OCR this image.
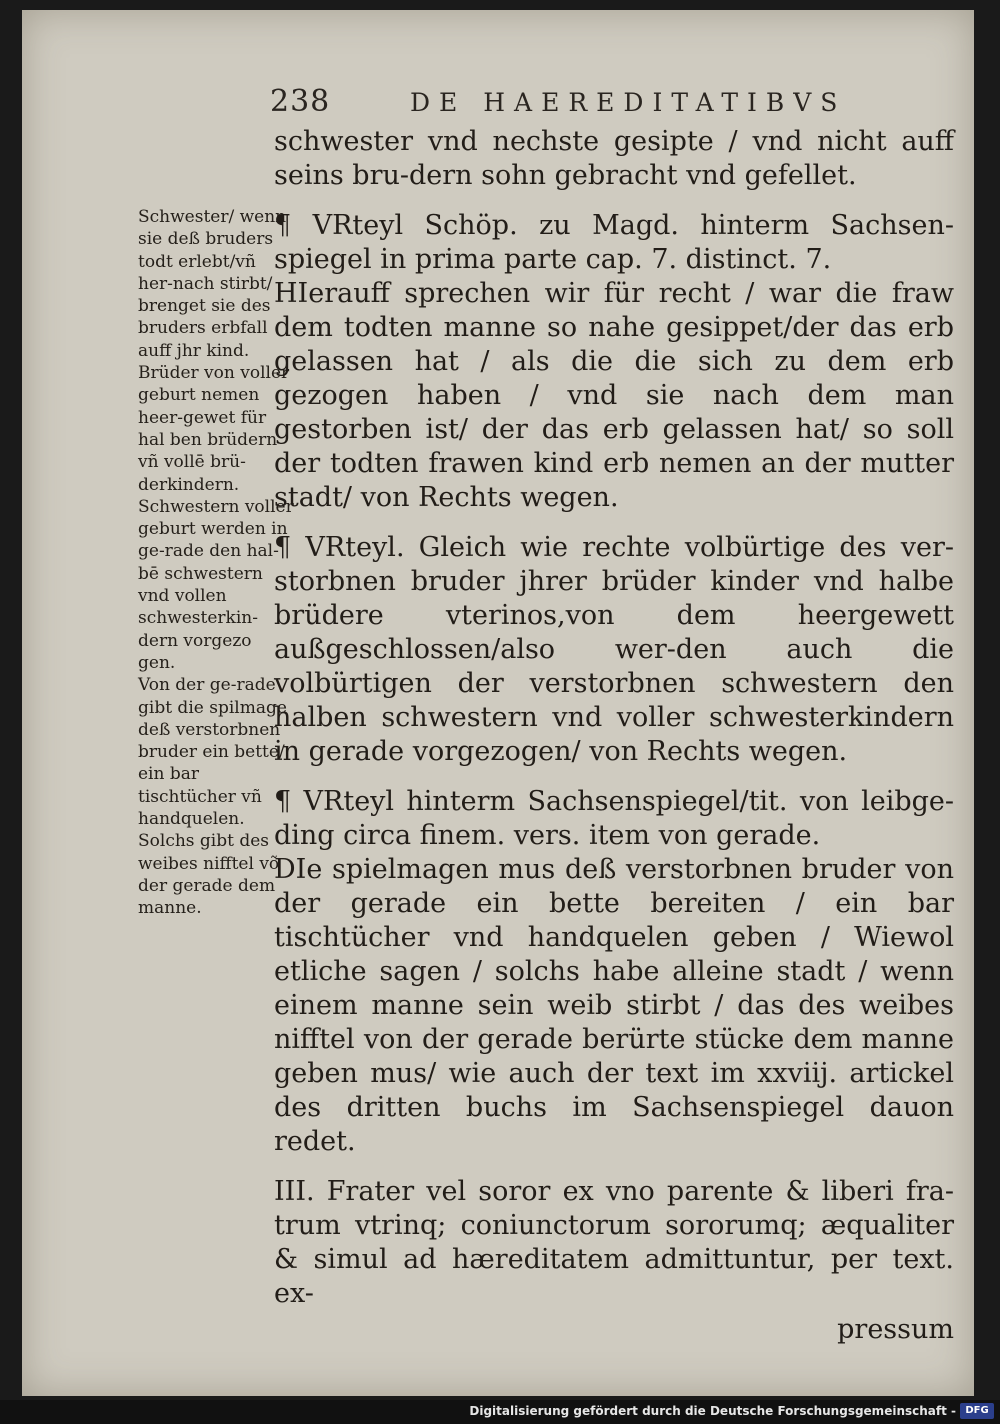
238	DE HAEREDITATIBVS

Schwester/ wenn sie deß bruders todt erlebt/vñ her-nach stirbt/ brenget sie des bruders erbfall auff jhr kind.

Brüder von voller geburt nemen heer-gewet für hal ben brüdern vñ vollē brü-derkindern.

Schwestern voller geburt werden in ge-rade den hal-bē schwestern vnd vollen schwesterkin-dern vorgezo gen.

Von der ge-rade gibt die spilmage deß verstorbnen bruder ein bette/ ein bar tischtücher vñ handquelen.

Solchs gibt des weibes nifftel võ der gerade dem manne.

schwester vnd nechste gesipte / vnd nicht auff seins bru-dern sohn gebracht vnd gefellet.

¶ VRteyl Schöp. zu Magd. hinterm Sachsen-spiegel in prima parte cap. 7. distinct. 7.

HIerauff sprechen wir für recht / war die fraw dem todten manne so nahe gesippet/der das erb gelassen hat / als die die sich zu dem erb gezogen haben / vnd sie nach dem man gestorben ist/ der das erb gelassen hat/ so soll der todten frawen kind erb nemen an der mutter stadt/ von Rechts wegen.

¶ VRteyl. Gleich wie rechte volbürtige des ver-storbnen bruder jhrer brüder kinder vnd halbe brüdere vterinos,von dem heergewett außgeschlossen/also wer-den auch die volbürtigen der verstorbnen schwestern den halben schwestern vnd voller schwesterkindern in gerade vorgezogen/ von Rechts wegen.

¶ VRteyl hinterm Sachsenspiegel/tit. von leibge-ding circa finem. vers. item von gerade.

DIe spielmagen mus deß verstorbnen bruder von der gerade ein bette bereiten / ein bar tischtücher vnd handquelen geben / Wiewol etliche sagen / solchs habe alleine stadt / wenn einem manne sein weib stirbt / das des weibes nifftel von der gerade berürte stücke dem manne geben mus/ wie auch der text im xxviij. artickel des dritten buchs im Sachsenspiegel dauon redet.

III. Frater vel soror ex vno parente & liberi fra-trum vtrinq; coniunctorum sororumq; æqualiter & simul ad hæreditatem admittuntur, per text. ex-

pressum

Digitalisierung gefördert durch die Deutsche Forschungsgemeinschaft - DFG
